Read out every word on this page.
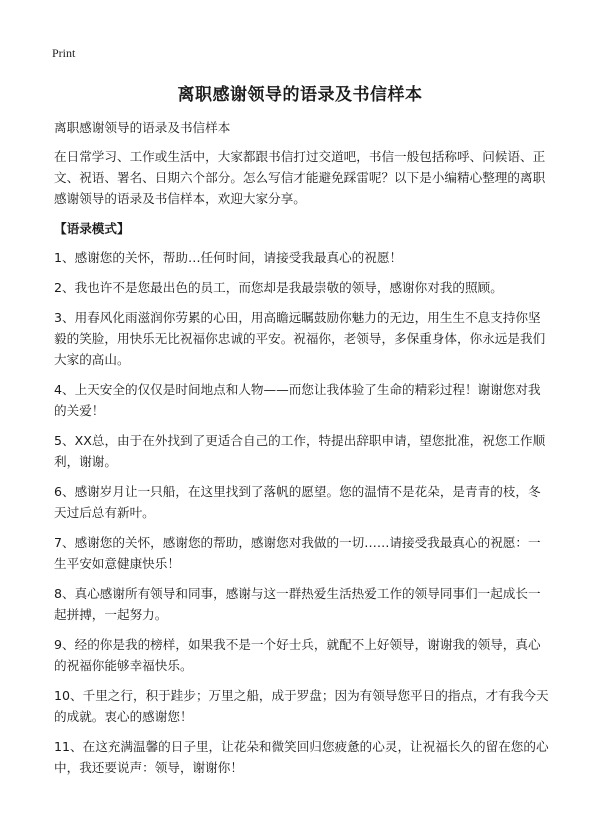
Print
离职感谢领导的语录及书信样本

离职感谢领导的语录及书信样本

在日常学习、工作或生活中，大家都跟书信打过交道吧，书信一般包括称呼、问候语、正文、祝语、署名、日期六个部分。怎么写信才能避免踩雷呢？以下是小编精心整理的离职感谢领导的语录及书信样本，欢迎大家分享。

【语录模式】

1、感谢您的关怀，帮助…任何时间，请接受我最真心的祝愿！

2、我也许不是您最出色的员工，而您却是我最崇敬的领导，感谢你对我的照顾。

3、用春风化雨滋润你劳累的心田，用高瞻远瞩鼓励你魅力的无边，用生生不息支持你坚毅的笑脸，用快乐无比祝福你忠诚的平安。祝福你，老领导，多保重身体，你永远是我们大家的高山。

4、上天安全的仅仅是时间地点和人物——而您让我体验了生命的精彩过程！谢谢您对我的关爱！

5、XX总，由于在外找到了更适合自己的工作，特提出辞职申请，望您批准，祝您工作顺利，谢谢。

6、感谢岁月让一只船，在这里找到了落帆的愿望。您的温情不是花朵，是青青的枝，冬天过后总有新叶。

7、感谢您的关怀，感谢您的帮助，感谢您对我做的一切……请接受我最真心的祝愿：一生平安如意健康快乐！

8、真心感谢所有领导和同事，感谢与这一群热爱生活热爱工作的领导同事们一起成长一起拼搏，一起努力。

9、经的你是我的榜样，如果我不是一个好士兵，就配不上好领导，谢谢我的领导，真心的祝福你能够幸福快乐。

10、千里之行，积于跬步；万里之船，成于罗盘；因为有领导您平日的指点，才有我今天的成就。衷心的感谢您！

11、在这充满温馨的日子里，让花朵和微笑回归您疲惫的心灵，让祝福长久的留在您的心中，我还要说声：领导，谢谢你！
